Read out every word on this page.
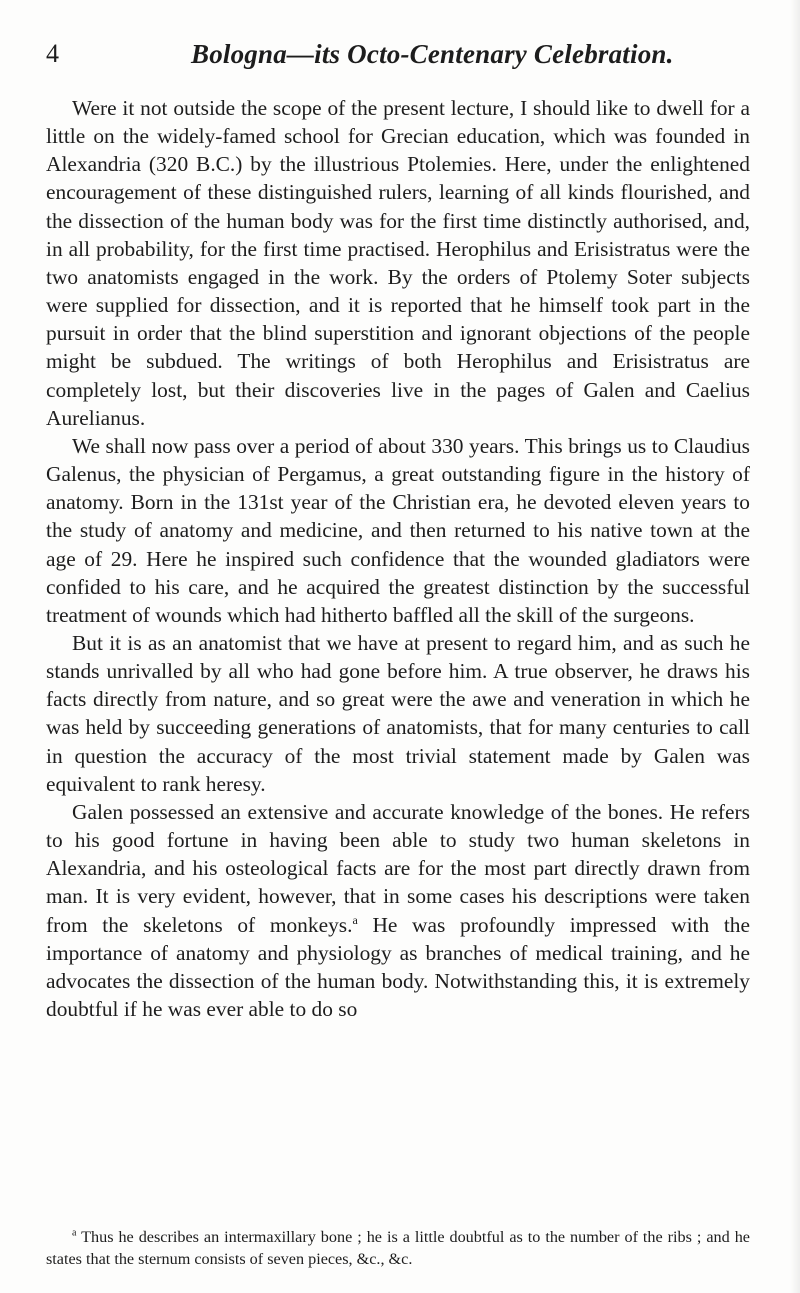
4	Bologna—its Octo-Centenary Celebration.

Were it not outside the scope of the present lecture, I should like to dwell for a little on the widely-famed school for Grecian education, which was founded in Alexandria (320 B.C.) by the illustrious Ptolemies. Here, under the enlightened encouragement of these distinguished rulers, learning of all kinds flourished, and the dissection of the human body was for the first time distinctly authorised, and, in all probability, for the first time practised. Herophilus and Erisistratus were the two anatomists engaged in the work. By the orders of Ptolemy Soter subjects were supplied for dissection, and it is reported that he himself took part in the pursuit in order that the blind superstition and ignorant objections of the people might be subdued. The writings of both Herophilus and Erisistratus are completely lost, but their discoveries live in the pages of Galen and Caelius Aurelianus.

We shall now pass over a period of about 330 years. This brings us to Claudius Galenus, the physician of Pergamus, a great outstanding figure in the history of anatomy. Born in the 131st year of the Christian era, he devoted eleven years to the study of anatomy and medicine, and then returned to his native town at the age of 29. Here he inspired such confidence that the wounded gladiators were confided to his care, and he acquired the greatest distinction by the successful treatment of wounds which had hitherto baffled all the skill of the surgeons.

But it is as an anatomist that we have at present to regard him, and as such he stands unrivalled by all who had gone before him. A true observer, he draws his facts directly from nature, and so great were the awe and veneration in which he was held by succeeding generations of anatomists, that for many centuries to call in question the accuracy of the most trivial statement made by Galen was equivalent to rank heresy.

Galen possessed an extensive and accurate knowledge of the bones. He refers to his good fortune in having been able to study two human skeletons in Alexandria, and his osteological facts are for the most part directly drawn from man. It is very evident, however, that in some cases his descriptions were taken from the skeletons of monkeys.$^a$ He was profoundly impressed with the importance of anatomy and physiology as branches of medical training, and he advocates the dissection of the human body. Notwithstanding this, it is extremely doubtful if he was ever able to do so

$^a$ Thus he describes an intermaxillary bone ; he is a little doubtful as to the number of the ribs ; and he states that the sternum consists of seven pieces, &c., &c.
